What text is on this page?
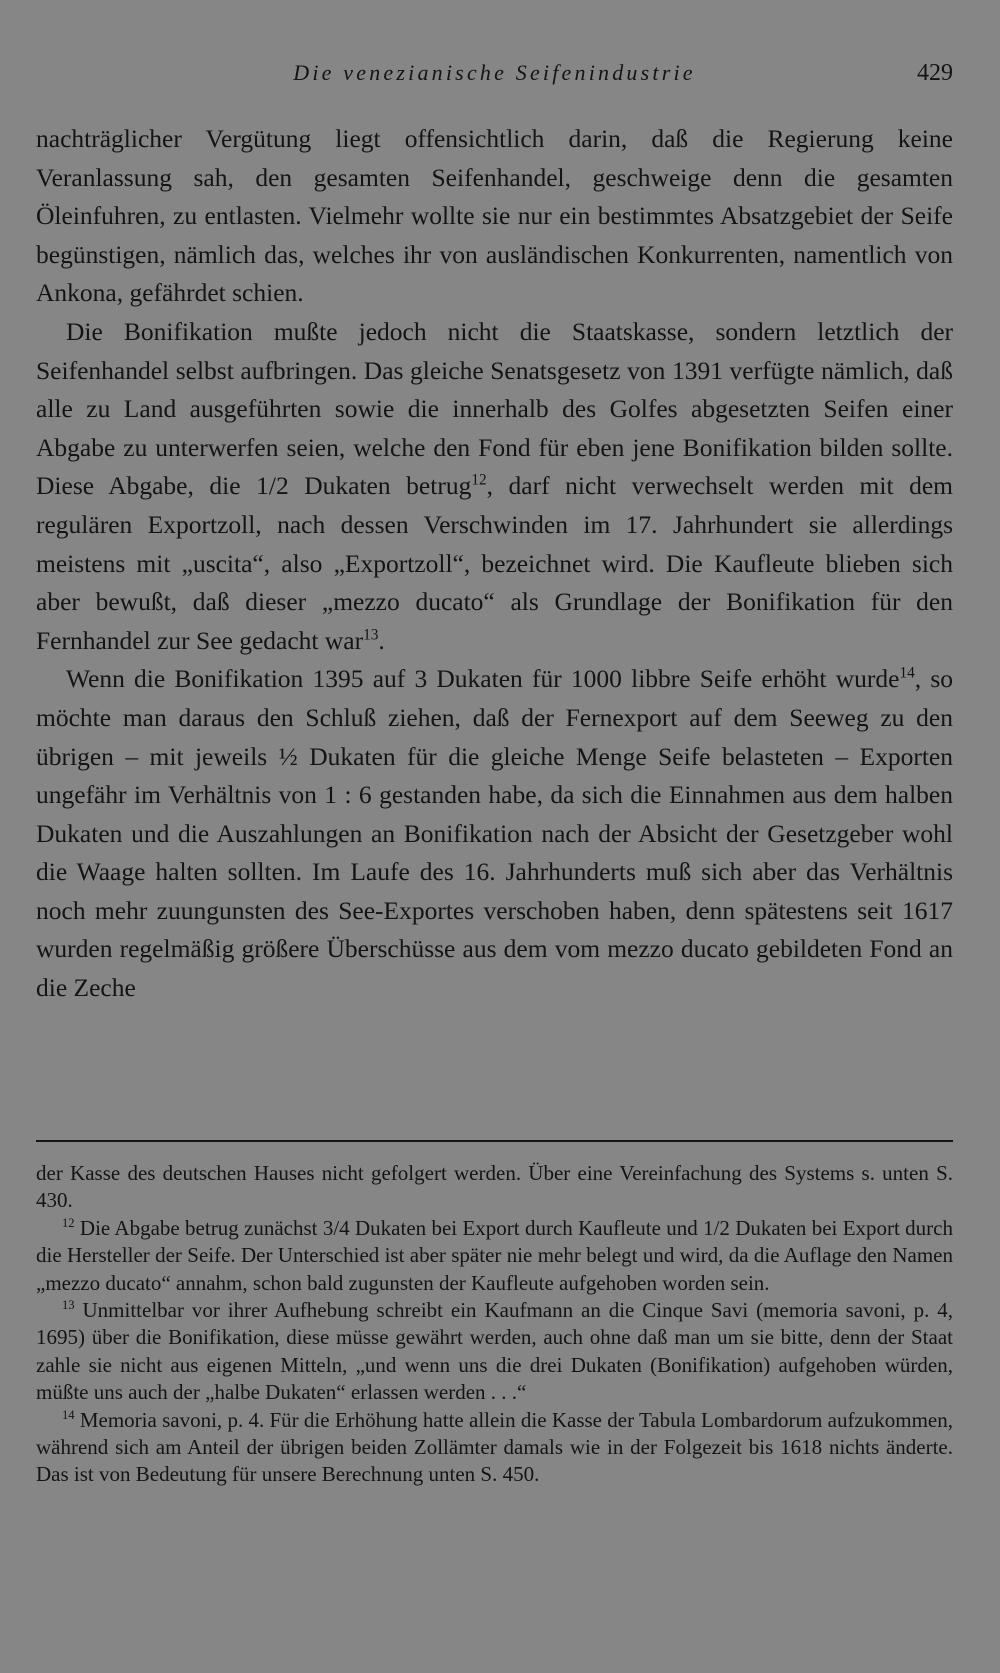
Die venezianische Seifenindustrie	429

nachträglicher Vergütung liegt offensichtlich darin, daß die Regierung keine Veranlassung sah, den gesamten Seifenhandel, geschweige denn die gesamten Öleinfuhren, zu entlasten. Vielmehr wollte sie nur ein bestimmtes Absatzgebiet der Seife begünstigen, nämlich das, welches ihr von ausländischen Konkurrenten, namentlich von Ankona, gefährdet schien.

Die Bonifikation mußte jedoch nicht die Staatskasse, sondern letztlich der Seifenhandel selbst aufbringen. Das gleiche Senatsgesetz von 1391 verfügte nämlich, daß alle zu Land ausgeführten sowie die innerhalb des Golfes abgesetzten Seifen einer Abgabe zu unterwerfen seien, welche den Fond für eben jene Bonifikation bilden sollte. Diese Abgabe, die 1/2 Dukaten betrug$^{12}$, darf nicht verwechselt werden mit dem regulären Exportzoll, nach dessen Verschwinden im 17. Jahrhundert sie allerdings meistens mit „uscita“, also „Exportzoll“, bezeichnet wird. Die Kaufleute blieben sich aber bewußt, daß dieser „mezzo ducato“ als Grundlage der Bonifikation für den Fernhandel zur See gedacht war$^{13}$.

Wenn die Bonifikation 1395 auf 3 Dukaten für 1000 libbre Seife erhöht wurde$^{14}$, so möchte man daraus den Schluß ziehen, daß der Fernexport auf dem Seeweg zu den übrigen – mit jeweils ½ Dukaten für die gleiche Menge Seife belasteten – Exporten ungefähr im Verhältnis von 1 : 6 gestanden habe, da sich die Einnahmen aus dem halben Dukaten und die Auszahlungen an Bonifikation nach der Absicht der Gesetzgeber wohl die Waage halten sollten. Im Laufe des 16. Jahrhunderts muß sich aber das Verhältnis noch mehr zuungunsten des See-Exportes verschoben haben, denn spätestens seit 1617 wurden regelmäßig größere Überschüsse aus dem vom mezzo ducato gebildeten Fond an die Zeche

der Kasse des deutschen Hauses nicht gefolgert werden. Über eine Vereinfachung des Systems s. unten S. 430.

$^{12}$ Die Abgabe betrug zunächst 3/4 Dukaten bei Export durch Kaufleute und 1/2 Dukaten bei Export durch die Hersteller der Seife. Der Unterschied ist aber später nie mehr belegt und wird, da die Auflage den Namen „mezzo ducato“ annahm, schon bald zugunsten der Kaufleute aufgehoben worden sein.

$^{13}$ Unmittelbar vor ihrer Aufhebung schreibt ein Kaufmann an die Cinque Savi (memoria savoni, p. 4, 1695) über die Bonifikation, diese müsse gewährt werden, auch ohne daß man um sie bitte, denn der Staat zahle sie nicht aus eigenen Mitteln, „und wenn uns die drei Dukaten (Bonifikation) aufgehoben würden, müßte uns auch der „halbe Dukaten“ erlassen werden . . .“

$^{14}$ Memoria savoni, p. 4. Für die Erhöhung hatte allein die Kasse der Tabula Lombardorum aufzukommen, während sich am Anteil der übrigen beiden Zollämter damals wie in der Folgezeit bis 1618 nichts änderte. Das ist von Bedeutung für unsere Berechnung unten S. 450.
